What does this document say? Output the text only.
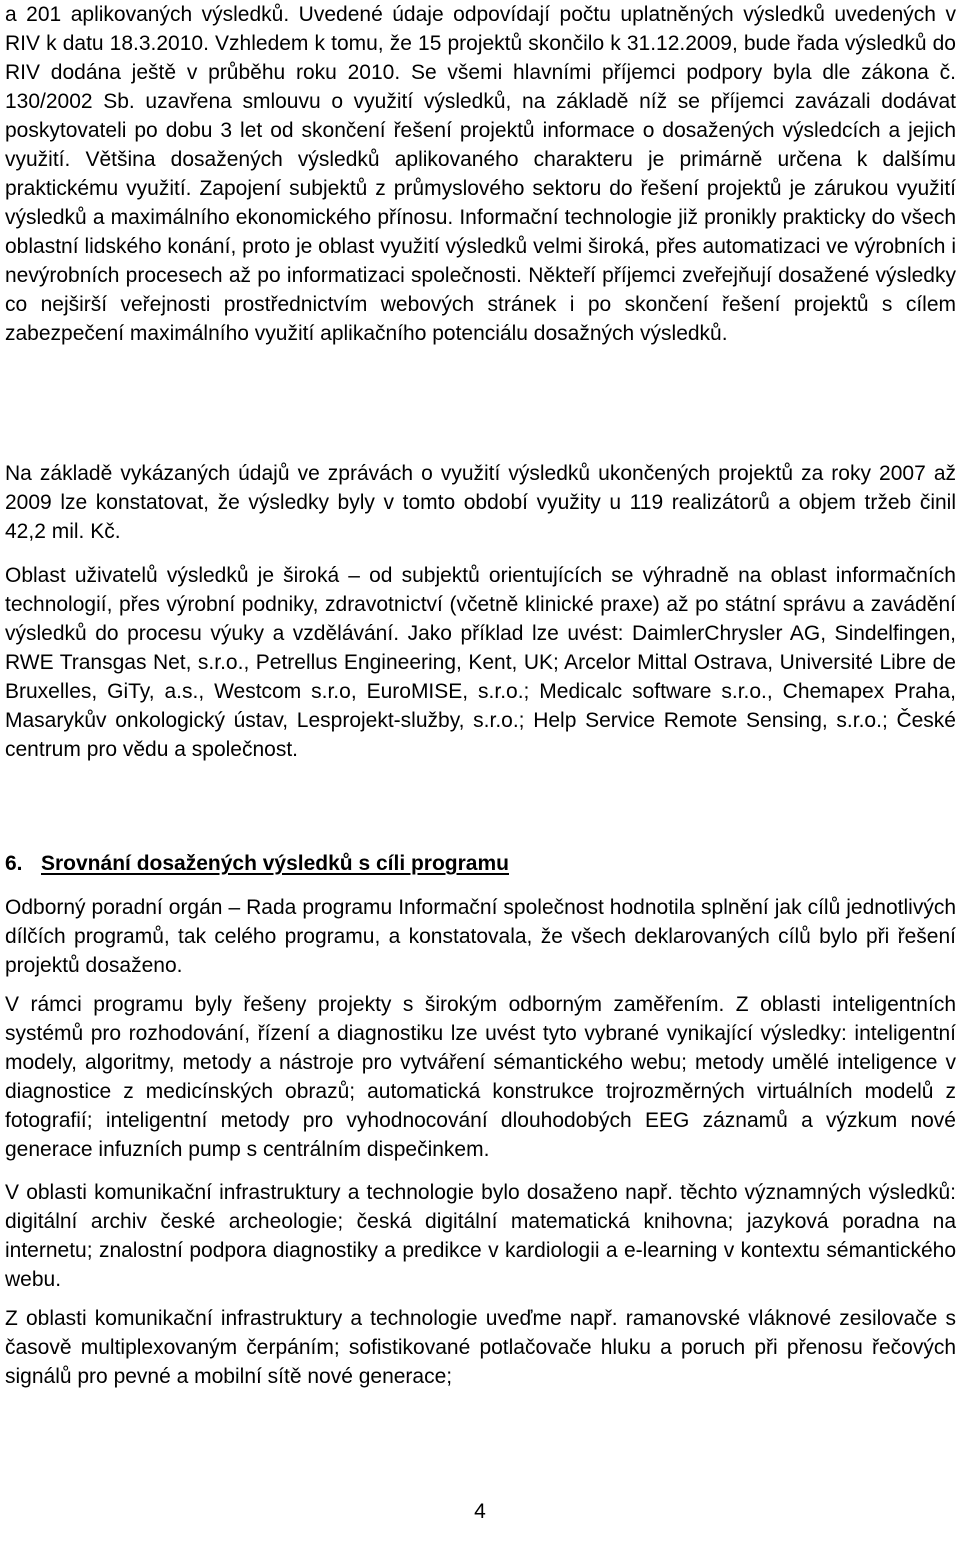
a 201 aplikovaných výsledků. Uvedené údaje odpovídají počtu uplatněných výsledků uvedených v RIV k datu 18.3.2010. Vzhledem k tomu, že 15 projektů skončilo k 31.12.2009, bude řada výsledků do RIV dodána ještě v průběhu roku 2010. Se všemi hlavními příjemci podpory byla dle zákona č. 130/2002 Sb. uzavřena smlouvu o využití výsledků, na základě níž se příjemci zavázali dodávat poskytovateli po dobu 3 let od skončení řešení projektů informace o dosažených výsledcích a jejich využití. Většina dosažených výsledků aplikovaného charakteru je primárně určena k dalšímu praktickému využití. Zapojení subjektů z průmyslového sektoru do řešení projektů je zárukou využití výsledků a maximálního ekonomického přínosu. Informační technologie již pronikly prakticky do všech oblastní lidského konání, proto je oblast využití výsledků velmi široká, přes automatizaci ve výrobních i nevýrobních procesech až po informatizaci společnosti. Někteří příjemci zveřejňují dosažené výsledky co nejširší veřejnosti prostřednictvím webových stránek i po skončení řešení projektů s cílem zabezpečení maximálního využití aplikačního potenciálu dosažných výsledků.

Na základě vykázaných údajů ve zprávách o využití výsledků ukončených projektů za roky 2007 až 2009 lze konstatovat, že výsledky byly v tomto období využity u 119 realizátorů a objem tržeb činil 42,2 mil. Kč.

Oblast uživatelů výsledků je široká – od subjektů orientujících se výhradně na oblast informačních technologií, přes výrobní podniky, zdravotnictví (včetně klinické praxe) až po státní správu a zavádění výsledků do procesu výuky a vzdělávání. Jako příklad lze uvést: DaimlerChrysler AG, Sindelfingen, RWE Transgas Net, s.r.o., Petrellus Engineering, Kent, UK; Arcelor Mittal Ostrava, Université Libre de Bruxelles, GiTy, a.s., Westcom s.r.o, EuroMISE, s.r.o.; Medicalc software s.r.o., Chemapex Praha, Masarykův onkologický ústav, Lesprojekt-služby, s.r.o.; Help Service Remote Sensing, s.r.o.; České centrum pro vědu a společnost.

6. Srovnání dosažených výsledků s cíli programu

Odborný poradní orgán – Rada programu Informační společnost hodnotila splnění jak cílů jednotlivých dílčích programů, tak celého programu, a konstatovala, že všech deklarovaných cílů bylo při řešení projektů dosaženo.

V rámci programu byly řešeny projekty s širokým odborným zaměřením. Z oblasti inteligentních systémů pro rozhodování, řízení a diagnostiku lze uvést tyto vybrané vynikající výsledky: inteligentní modely, algoritmy, metody a nástroje pro vytváření sémantického webu; metody umělé inteligence v diagnostice z medicínských obrazů; automatická konstrukce trojrozměrných virtuálních modelů z fotografií; inteligentní metody pro vyhodnocování dlouhodobých EEG záznamů a výzkum nové generace infuzních pump s centrálním dispečinkem.

V oblasti komunikační infrastruktury a technologie bylo dosaženo např. těchto významných výsledků: digitální archiv české archeologie; česká digitální matematická knihovna; jazyková poradna na internetu; znalostní podpora diagnostiky a predikce v kardiologii a e-learning v kontextu sémantického webu.

Z oblasti komunikační infrastruktury a technologie uveďme např. ramanovské vláknové zesilovače s časově multiplexovaným čerpáním; sofistikované potlačovače hluku a poruch při přenosu řečových signálů pro pevné a mobilní sítě nové generace;

4
